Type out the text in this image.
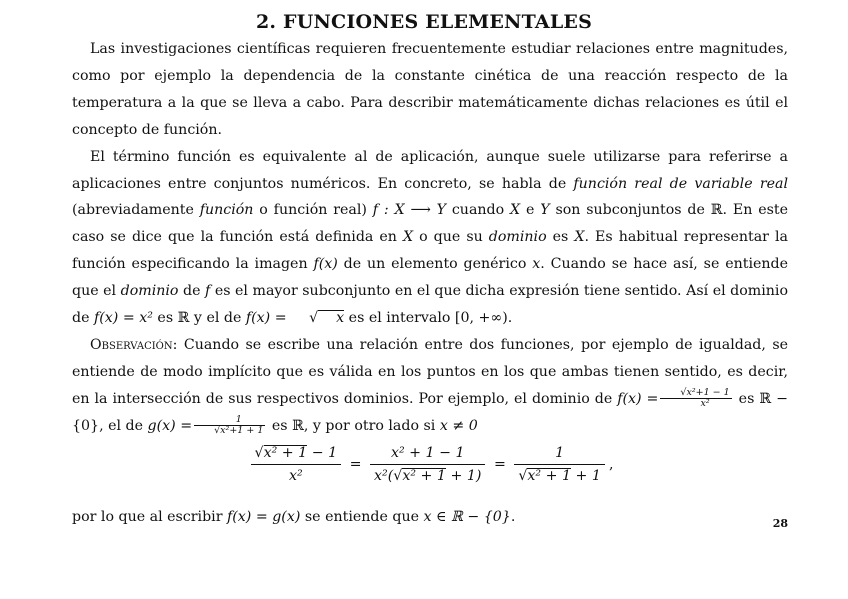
2. FUNCIONES ELEMENTALES

Las investigaciones científicas requieren frecuentemente estudiar relaciones entre magnitudes, como por ejemplo la dependencia de la constante cinética de una reacción respecto de la temperatura a la que se lleva a cabo. Para describir matemáticamente dichas relaciones es útil el concepto de función.

El término función es equivalente al de aplicación, aunque suele utilizarse para referirse a aplicaciones entre conjuntos numéricos. En concreto, se habla de función real de variable real (abreviadamente función o función real) f : X ⟶ Y cuando X e Y son subconjuntos de ℝ. En este caso se dice que la función está definida en X o que su dominio es X. Es habitual representar la función especificando la imagen f(x) de un elemento genérico x. Cuando se hace así, se entiende que el dominio de f es el mayor subconjunto en el que dicha expresión tiene sentido. Así el dominio de f(x) = x² es ℝ y el de f(x) = √ x es el intervalo [0, +∞).

Observación: Cuando se escribe una relación entre dos funciones, por ejemplo de igualdad, se entiende de modo implícito que es válida en los puntos en los que ambas tienen sentido, es decir, en la intersección de sus respectivos dominios. Por ejemplo, el dominio de $f(x) = \frac{\text{√x²+1 − 1}}{\text{x²}}$ es ℝ − {0}, el de $g(x) = \frac{1}{\text{√x²+1 + 1}}$ es ℝ, y por otro lado si x ≠ 0

$\frac{\text{√x² + 1 − 1}}{\text{x²}} = \frac{\text{x² + 1 − 1}}{\text{x²(√x² + 1 + 1)}} = \frac{1}{\text{√x² + 1 + 1}}$ ,

por lo que al escribir f(x) = g(x) se entiende que x ∈ ℝ − {0}.	28
